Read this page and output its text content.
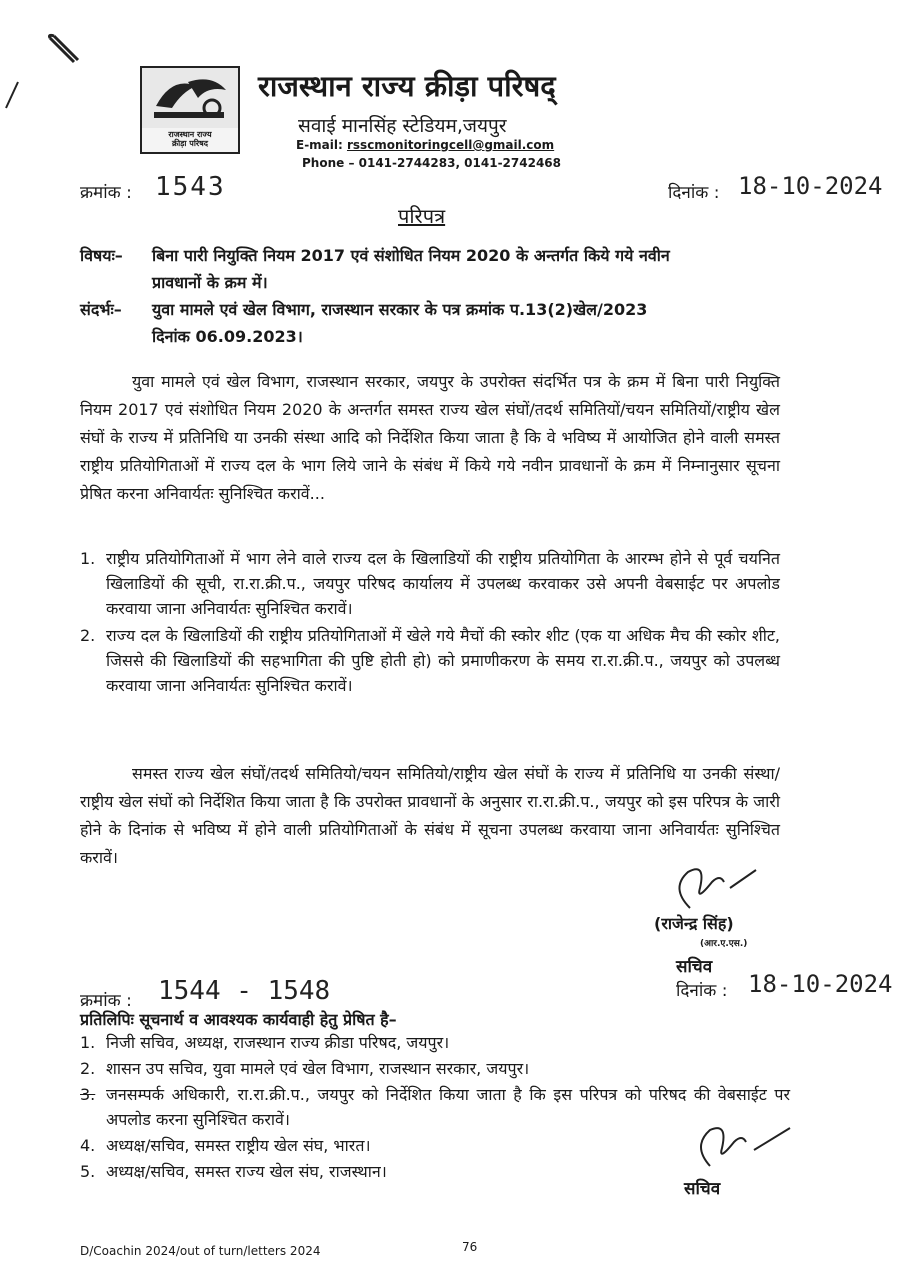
राजस्थान राज्य
क्रीड़ा परिषद
राजस्थान राज्य क्रीड़ा परिषद्
सवाई मानसिंह स्टेडियम,जयपुर
E-mail: rsscmonitoringcell@gmail.com
Phone – 0141-2744283, 0141-2742468
क्रमांक : 1543	दिनांक : 18-10-2024
परिपत्र
विषयः– बिना पारी नियुक्ति नियम 2017 एवं संशोधित नियम 2020 के अन्तर्गत किये गये नवीन
प्रावधानों के क्रम में।
संदर्भः– युवा मामले एवं खेल विभाग, राजस्थान सरकार के पत्र क्रमांक प.13(2)खेल/2023
दिनांक 06.09.2023।
युवा मामले एवं खेल विभाग, राजस्थान सरकार, जयपुर के उपरोक्त संदर्भित पत्र के क्रम में बिना पारी नियुक्ति नियम 2017 एवं संशोधित नियम 2020 के अन्तर्गत समस्त राज्य खेल संघों/तदर्थ समितियों/चयन समितियों/राष्ट्रीय खेल संघों के राज्य में प्रतिनिधि या उनकी संस्था आदि को निर्देशित किया जाता है कि वे भविष्य में आयोजित होने वाली समस्त राष्ट्रीय प्रतियोगिताओं में राज्य दल के भाग लिये जाने के संबंध में किये गये नवीन प्रावधानों के क्रम में निम्नानुसार सूचना प्रेषित करना अनिवार्यतः सुनिश्चित करावें...
1. राष्ट्रीय प्रतियोगिताओं में भाग लेने वाले राज्य दल के खिलाडियों की राष्ट्रीय प्रतियोगिता के आरम्भ होने से पूर्व चयनित खिलाडियों की सूची, रा.रा.क्री.प., जयपुर परिषद कार्यालय में उपलब्ध करवाकर उसे अपनी वेबसाईट पर अपलोड करवाया जाना अनिवार्यतः सुनिश्चित करावें।
2. राज्य दल के खिलाडियों की राष्ट्रीय प्रतियोगिताओं में खेले गये मैचों की स्कोर शीट (एक या अधिक मैच की स्कोर शीट, जिससे की खिलाडियों की सहभागिता की पुष्टि होती हो) को प्रमाणीकरण के समय रा.रा.क्री.प., जयपुर को उपलब्ध करवाया जाना अनिवार्यतः सुनिश्चित करावें।
समस्त राज्य खेल संघों/तदर्थ समितियो/चयन समितियो/राष्ट्रीय खेल संघों के राज्य में प्रतिनिधि या उनकी संस्था/राष्ट्रीय खेल संघों को निर्देशित किया जाता है कि उपरोक्त प्रावधानों के अनुसार रा.रा.क्री.प., जयपुर को इस परिपत्र के जारी होने के दिनांक से भविष्य में होने वाली प्रतियोगिताओं के संबंध में सूचना उपलब्ध करवाया जाना अनिवार्यतः सुनिश्चित करावें।
(राजेन्द्र सिंह)
(आर.ए.एस.)
सचिव
दिनांक : 18-10-2024
क्रमांक : 1544 - 1548
प्रतिलिपिः सूचनार्थ व आवश्यक कार्यवाही हेतु प्रेषित है–
1. निजी सचिव, अध्यक्ष, राजस्थान राज्य क्रीडा परिषद, जयपुर।
2. शासन उप सचिव, युवा मामले एवं खेल विभाग, राजस्थान सरकार, जयपुर।
3. जनसम्पर्क अधिकारी, रा.रा.क्री.प., जयपुर को निर्देशित किया जाता है कि इस परिपत्र को परिषद की वेबसाईट पर अपलोड करना सुनिश्चित करावें।
4. अध्यक्ष/सचिव, समस्त राष्ट्रीय खेल संघ, भारत।
5. अध्यक्ष/सचिव, समस्त राज्य खेल संघ, राजस्थान।
सचिव
D/Coachin 2024/out of turn/letters 2024	76
